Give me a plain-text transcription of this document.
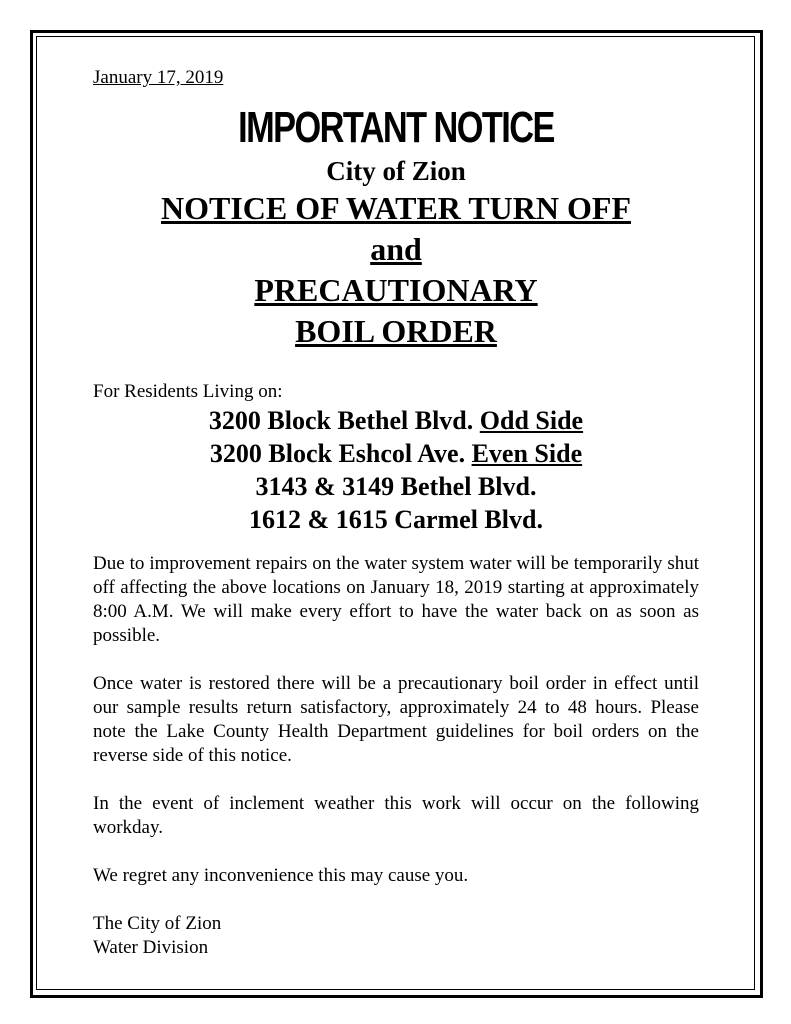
January 17, 2019

IMPORTANT NOTICE

City of Zion

NOTICE OF WATER TURN OFF

and

PRECAUTIONARY

BOIL ORDER

For Residents Living on:

3200 Block Bethel Blvd. Odd Side

3200 Block Eshcol Ave. Even Side

3143 & 3149 Bethel Blvd.

1612 & 1615 Carmel Blvd.

Due to improvement repairs on the water system water will be temporarily shut off affecting the above locations on January 18, 2019 starting at approximately 8:00 A.M. We will make every effort to have the water back on as soon as possible.

Once water is restored there will be a precautionary boil order in effect until our sample results return satisfactory, approximately 24 to 48 hours. Please note the Lake County Health Department guidelines for boil orders on the reverse side of this notice.

In the event of inclement weather this work will occur on the following workday.

We regret any inconvenience this may cause you.

The City of Zion

Water Division
